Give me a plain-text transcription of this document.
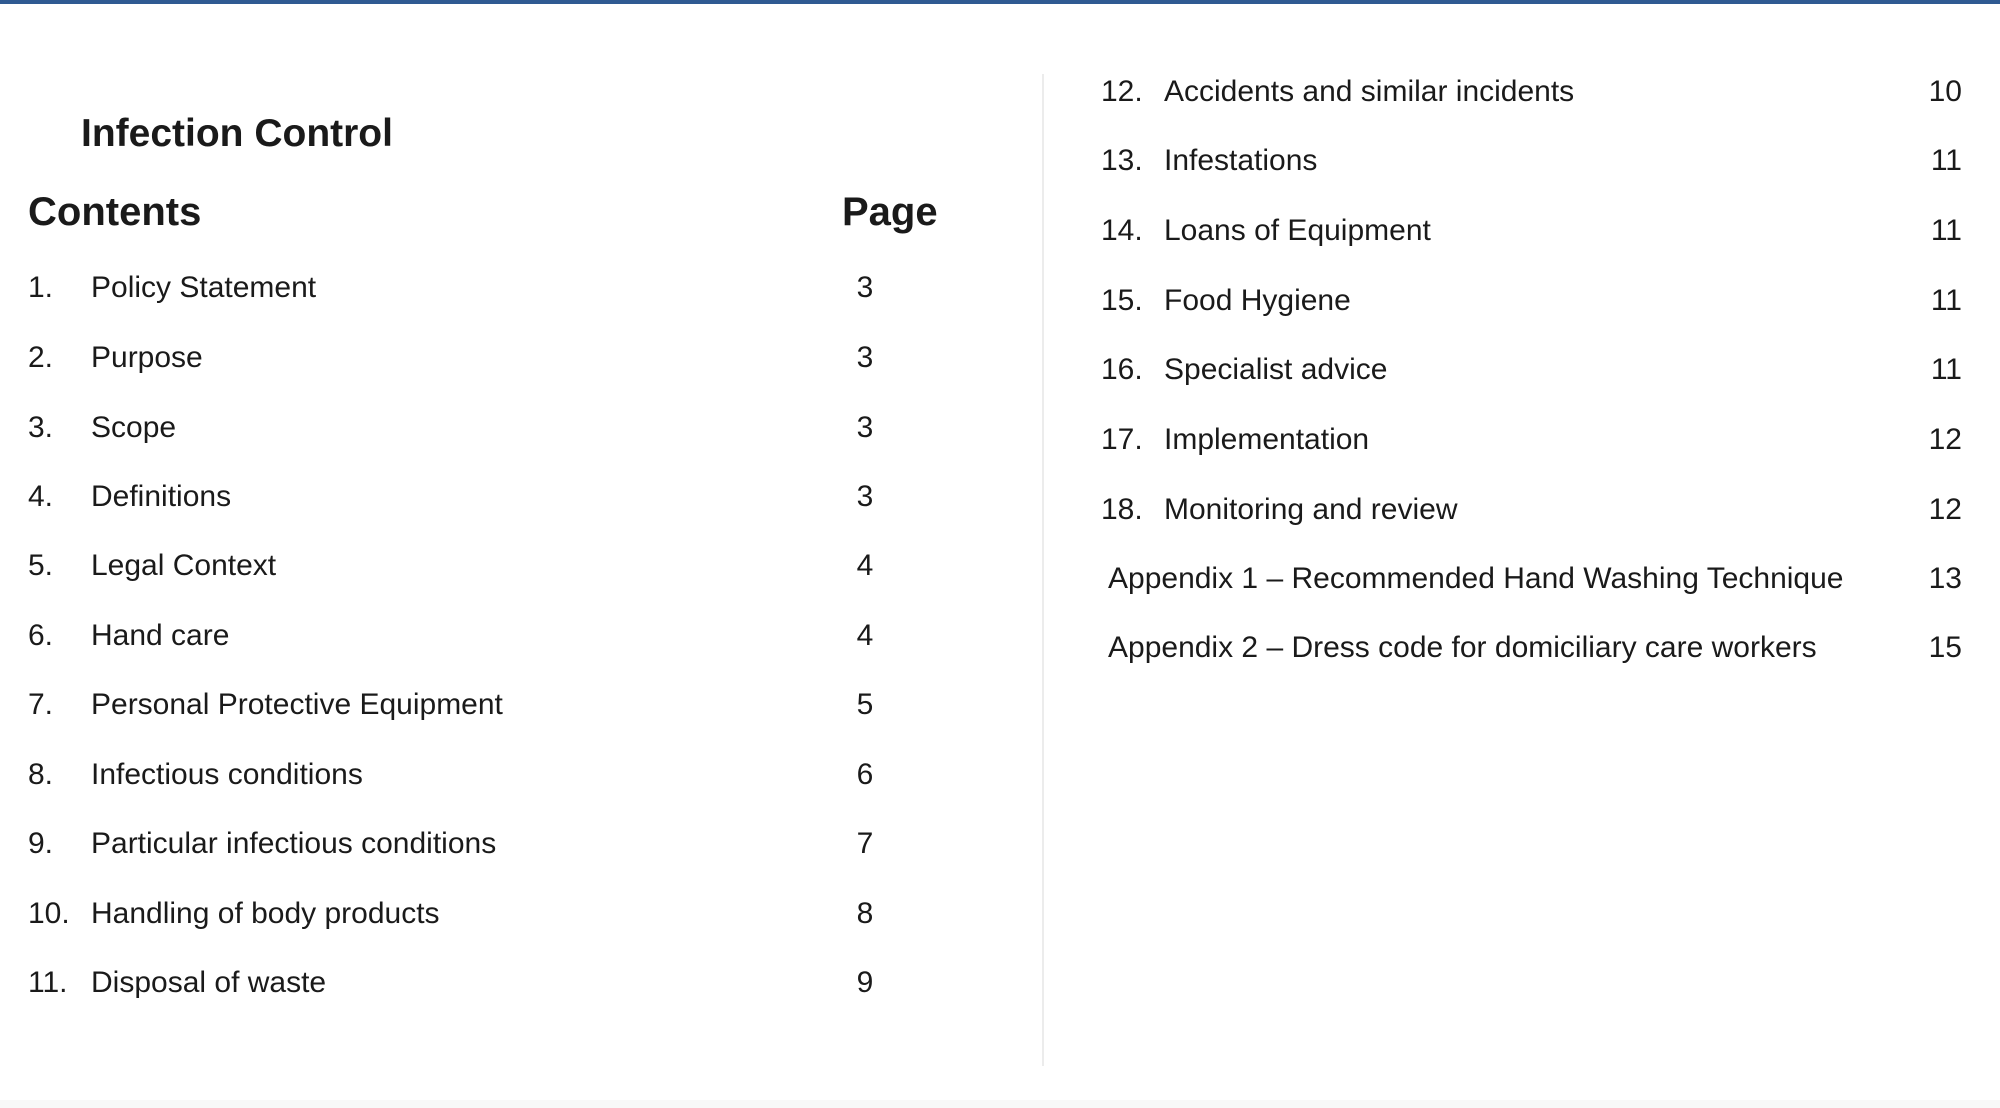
Infection Control
Contents	Page
1. Policy Statement	3
2. Purpose	3
3. Scope	3
4. Definitions	3
5. Legal Context	4
6. Hand care	4
7. Personal Protective Equipment	5
8. Infectious conditions	6
9. Particular infectious conditions	7
10. Handling of body products	8
11. Disposal of waste	9
12. Accidents and similar incidents	10
13. Infestations	11
14. Loans of Equipment	11
15. Food Hygiene	11
16. Specialist advice	11
17. Implementation	12
18. Monitoring and review	12
Appendix 1 – Recommended Hand Washing Technique	13
Appendix 2 – Dress code for domiciliary care workers	15
